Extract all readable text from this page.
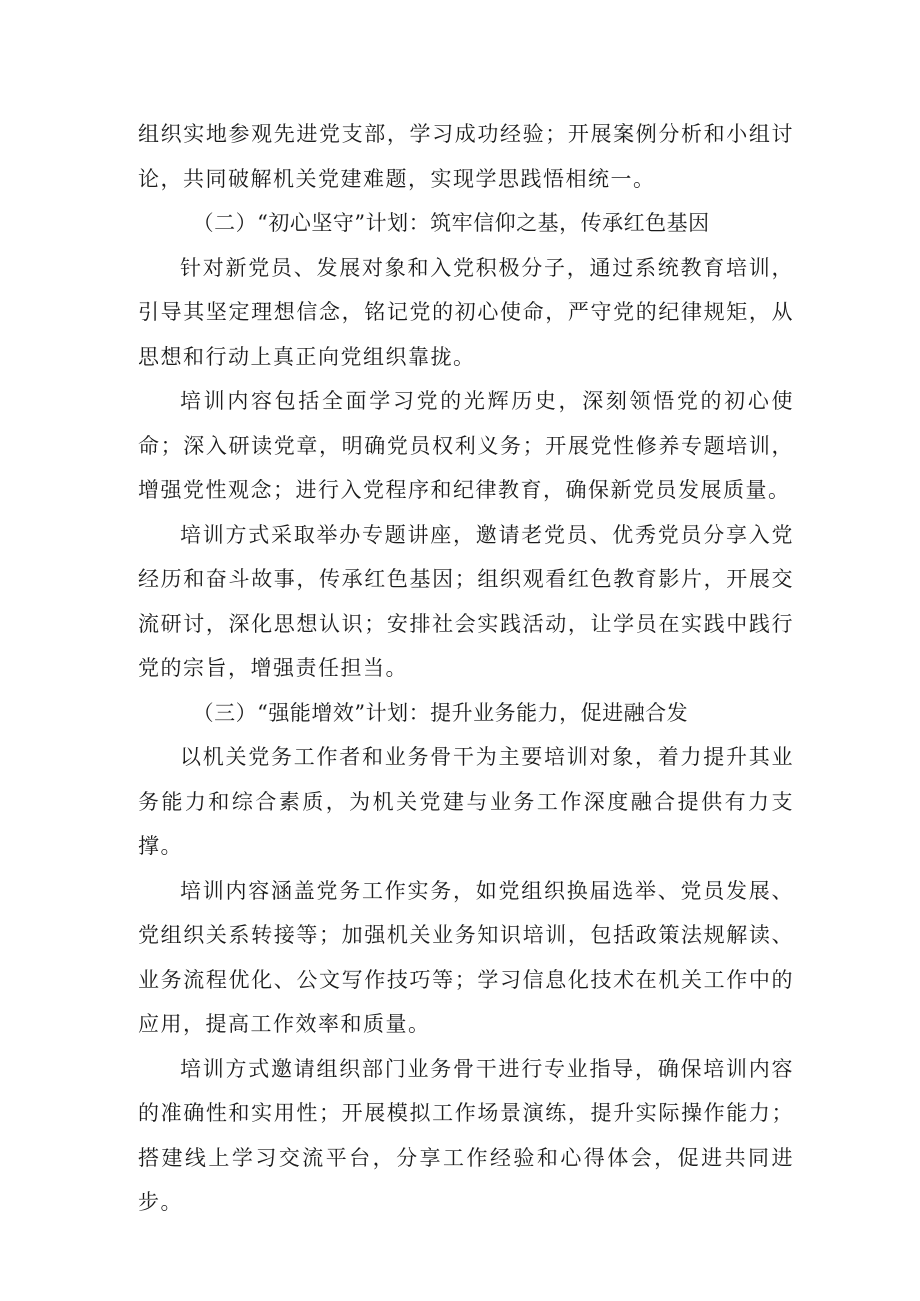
组织实地参观先进党支部，学习成功经验；开展案例分析和小组讨论，共同破解机关党建难题，实现学思践悟相统一。

（二）“初心坚守”计划：筑牢信仰之基，传承红色基因

针对新党员、发展对象和入党积极分子，通过系统教育培训，引导其坚定理想信念，铭记党的初心使命，严守党的纪律规矩，从思想和行动上真正向党组织靠拢。

培训内容包括全面学习党的光辉历史，深刻领悟党的初心使命；深入研读党章，明确党员权利义务；开展党性修养专题培训，增强党性观念；进行入党程序和纪律教育，确保新党员发展质量。

培训方式采取举办专题讲座，邀请老党员、优秀党员分享入党经历和奋斗故事，传承红色基因；组织观看红色教育影片，开展交流研讨，深化思想认识；安排社会实践活动，让学员在实践中践行党的宗旨，增强责任担当。

（三）“强能增效”计划：提升业务能力，促进融合发

以机关党务工作者和业务骨干为主要培训对象，着力提升其业务能力和综合素质，为机关党建与业务工作深度融合提供有力支撑。

培训内容涵盖党务工作实务，如党组织换届选举、党员发展、党组织关系转接等；加强机关业务知识培训，包括政策法规解读、业务流程优化、公文写作技巧等；学习信息化技术在机关工作中的应用，提高工作效率和质量。

培训方式邀请组织部门业务骨干进行专业指导，确保培训内容的准确性和实用性；开展模拟工作场景演练，提升实际操作能力；搭建线上学习交流平台，分享工作经验和心得体会，促进共同进步。
